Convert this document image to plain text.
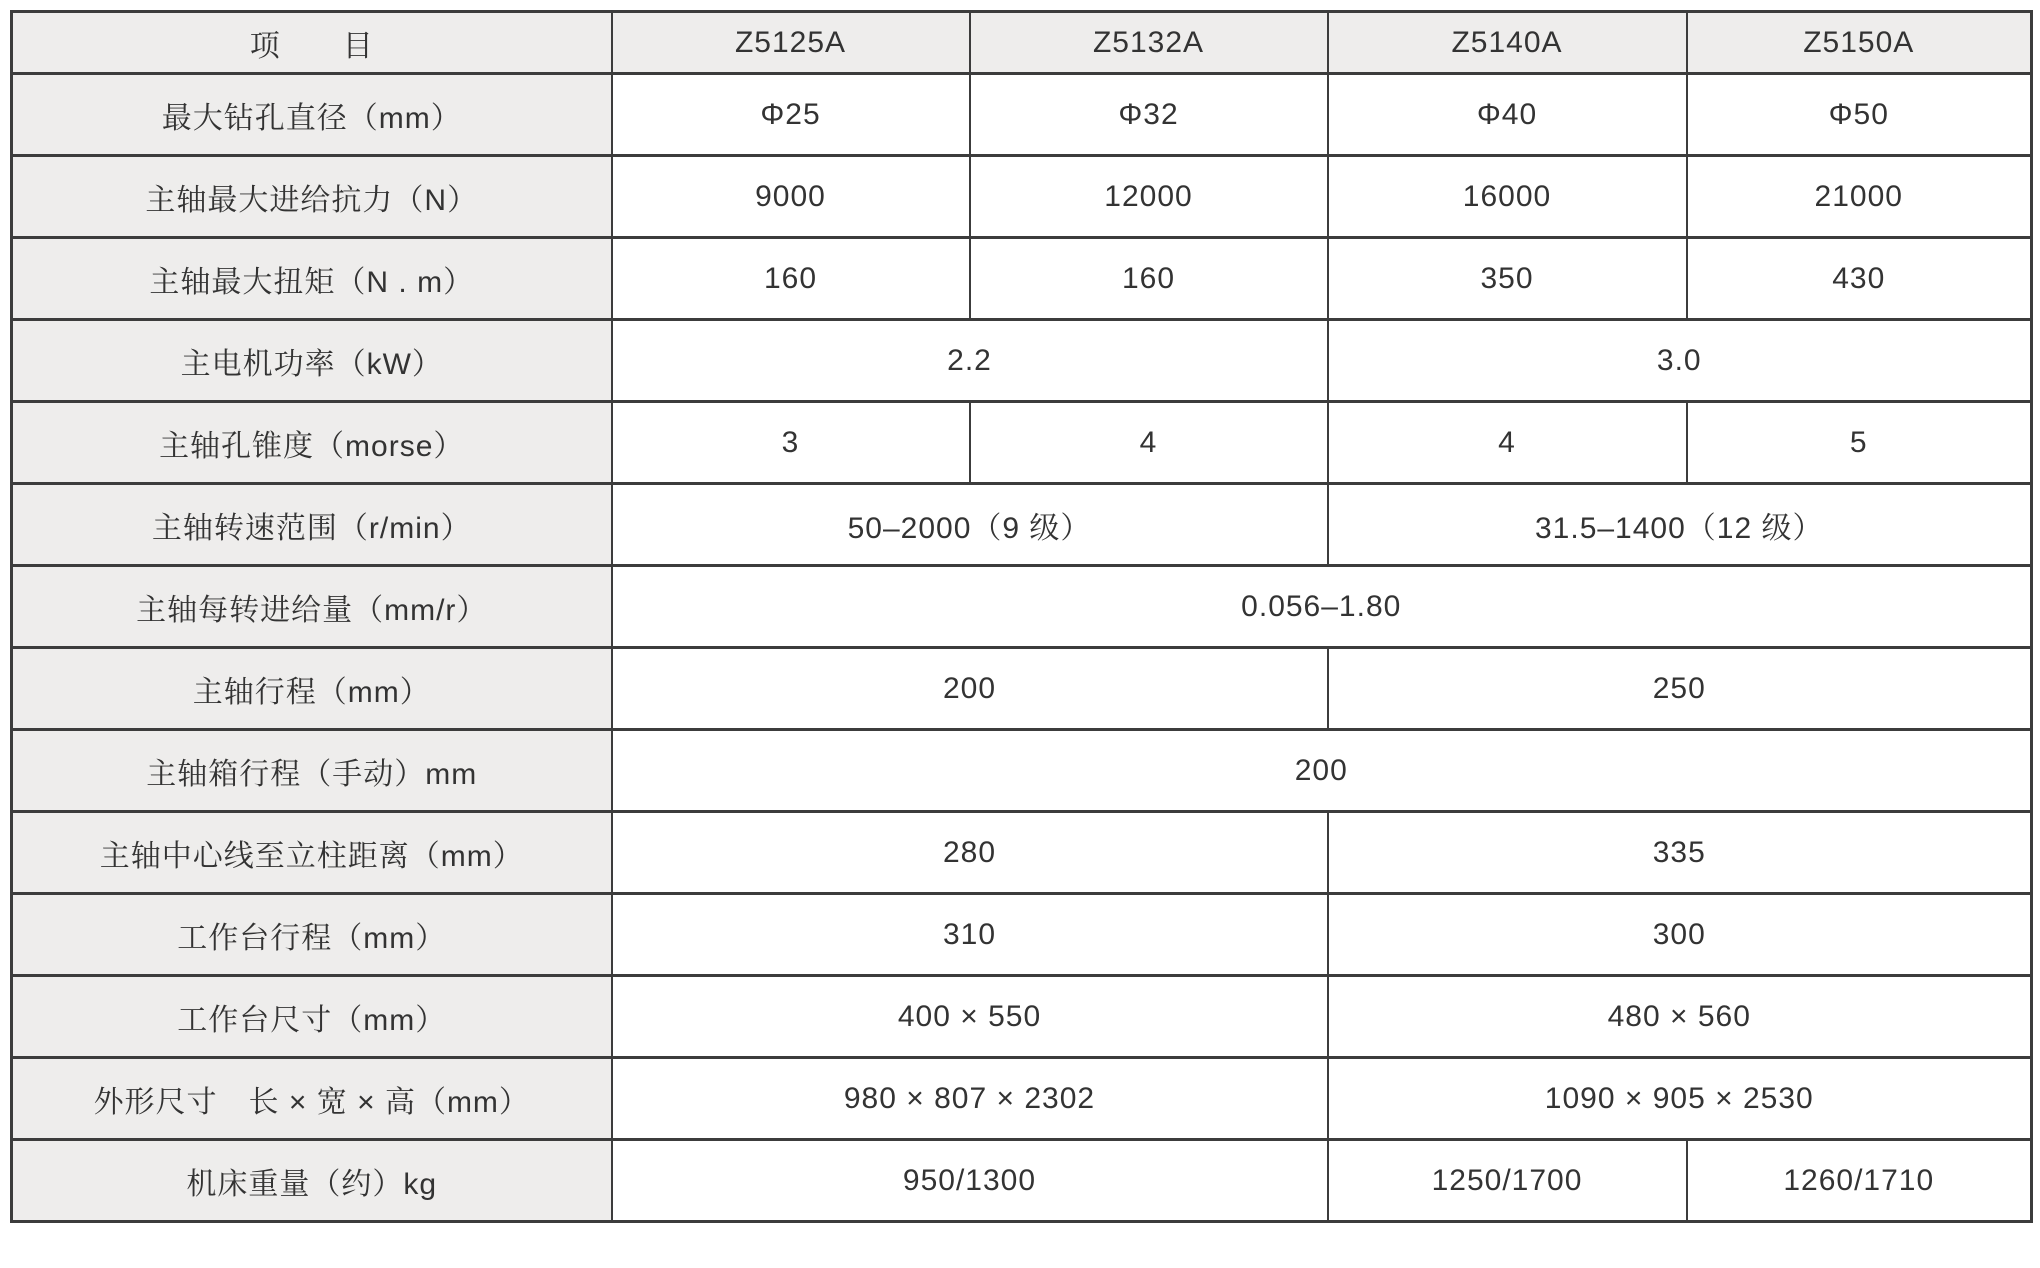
项　　目	Z5125A	Z5132A	Z5140A	Z5150A
最大钻孔直径（mm）	Φ25	Φ32	Φ40	Φ50
主轴最大进给抗力（N）	9000	12000	16000	21000
主轴最大扭矩（N . m）	160	160	350	430
主电机功率（kW）	2.2		3.0	
主轴孔锥度（morse）	3	4	4	5
主轴转速范围（r/min）	50–2000（9 级）		31.5–1400（12 级）	
主轴每转进给量（mm/r）	0.056–1.80			
主轴行程（mm）	200		250	
主轴箱行程（手动）mm	200			
主轴中心线至立柱距离（mm）	280		335	
工作台行程（mm）	310		300	
工作台尺寸（mm）	400 × 550		480 × 560	
外形尺寸　长 × 宽 × 高（mm）	980 × 807 × 2302		1090 × 905 × 2530	
机床重量（约）kg	950/1300		1250/1700	1260/1710
